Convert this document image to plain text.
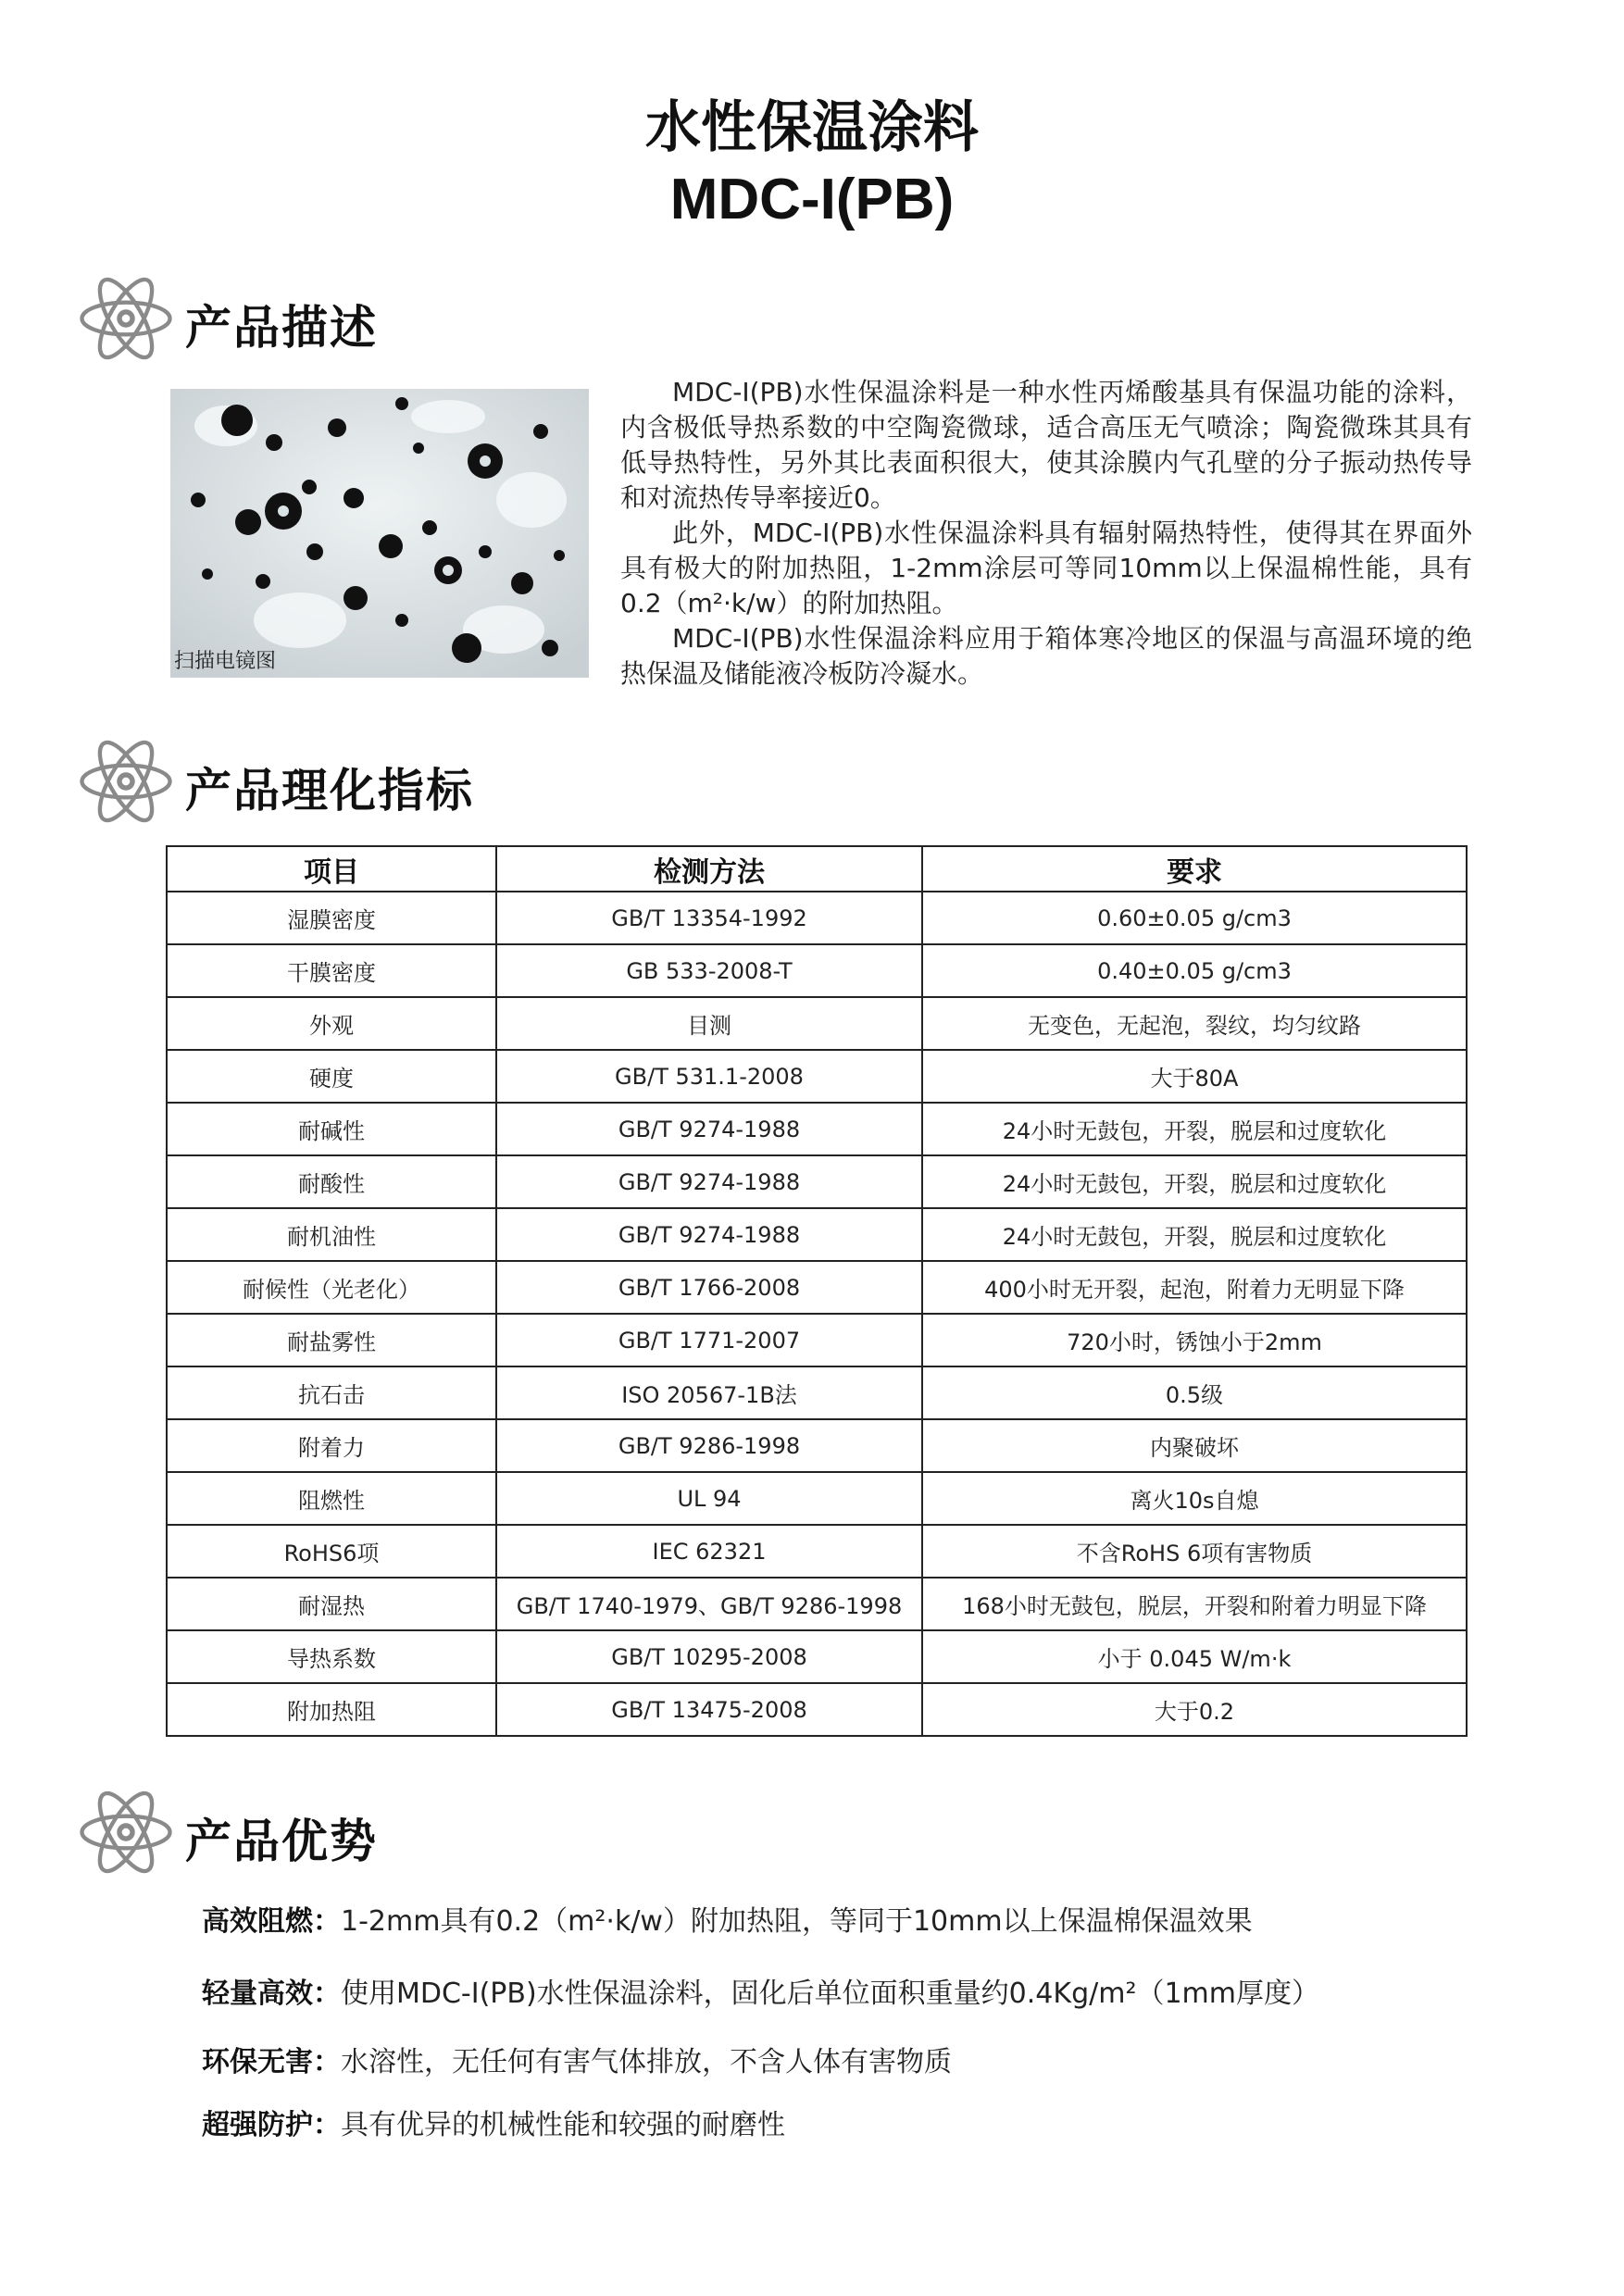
水性保温涂料
MDC-I(PB)
产品描述
扫描电镜图

MDC-I(PB)水性保温涂料是一种水性丙烯酸基具有保温功能的涂料，内含极低导热系数的中空陶瓷微球，适合高压无气喷涂；陶瓷微珠其具有低导热特性，另外其比表面积很大，使其涂膜内气孔壁的分子振动热传导和对流热传导率接近0。

此外，MDC-I(PB)水性保温涂料具有辐射隔热特性，使得其在界面外具有极大的附加热阻，1-2mm涂层可等同10mm以上保温棉性能，具有0.2（m²·k/w）的附加热阻。

MDC-I(PB)水性保温涂料应用于箱体寒冷地区的保温与高温环境的绝热保温及储能液冷板防冷凝水。

产品理化指标
项目	检测方法	要求
湿膜密度	GB/T 13354-1992	0.60±0.05 g/cm3
干膜密度	GB 533-2008-T	0.40±0.05 g/cm3
外观	目测	无变色，无起泡，裂纹，均匀纹路
硬度	GB/T 531.1-2008	大于80A
耐碱性	GB/T 9274-1988	24小时无鼓包，开裂，脱层和过度软化
耐酸性	GB/T 9274-1988	24小时无鼓包，开裂，脱层和过度软化
耐机油性	GB/T 9274-1988	24小时无鼓包，开裂，脱层和过度软化
耐候性（光老化）	GB/T 1766-2008	400小时无开裂，起泡，附着力无明显下降
耐盐雾性	GB/T 1771-2007	720小时，锈蚀小于2mm
抗石击	ISO 20567-1B法	0.5级
附着力	GB/T 9286-1998	内聚破坏
阻燃性	UL 94	离火10s自熄
RoHS6项	IEC 62321	不含RoHS 6项有害物质
耐湿热	GB/T 1740-1979、GB/T 9286-1998	168小时无鼓包，脱层，开裂和附着力明显下降
导热系数	GB/T 10295-2008	小于 0.045 W/m·k
附加热阻	GB/T 13475-2008	大于0.2
产品优势
高效阻燃：1-2mm具有0.2（m²·k/w）附加热阻，等同于10mm以上保温棉保温效果
轻量高效：使用MDC-I(PB)水性保温涂料，固化后单位面积重量约0.4Kg/m²（1mm厚度）
环保无害：水溶性，无任何有害气体排放，不含人体有害物质
超强防护：具有优异的机械性能和较强的耐磨性
